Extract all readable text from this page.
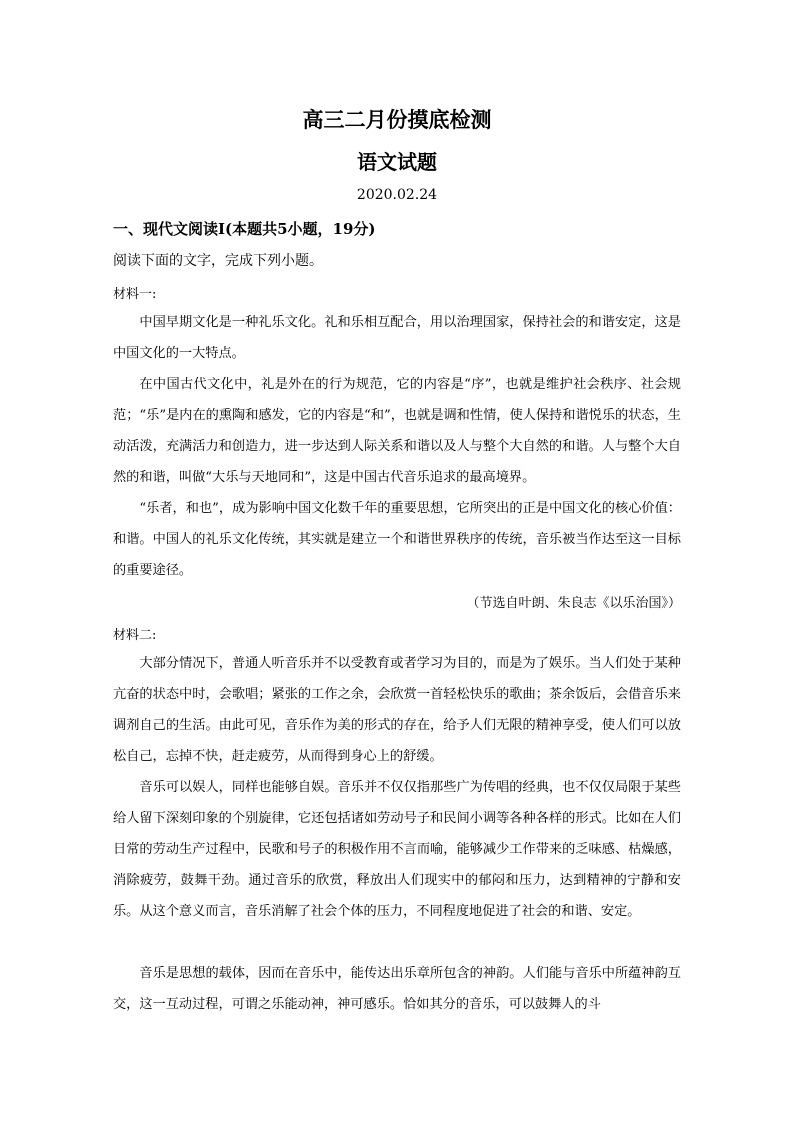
高三二月份摸底检测
语文试题
2020.02.24
一、现代文阅读Ⅰ(本题共5小题，19分)
阅读下面的文字，完成下列小题。
材料一:

中国早期文化是一种礼乐文化。礼和乐相互配合，用以治理国家，保持社会的和谐安定，这是中国文化的一大特点。

在中国古代文化中，礼是外在的行为规范，它的内容是“序”，也就是维护社会秩序、社会规范；“乐”是内在的熏陶和感发，它的内容是“和”，也就是调和性情，使人保持和谐悦乐的状态，生动活泼，充满活力和创造力，进一步达到人际关系和谐以及人与整个大自然的和谐。人与整个大自然的和谐，叫做“大乐与天地同和”，这是中国古代音乐追求的最高境界。

“乐者，和也”，成为影响中国文化数千年的重要思想，它所突出的正是中国文化的核心价值：和谐。中国人的礼乐文化传统，其实就是建立一个和谐世界秩序的传统，音乐被当作达至这一目标的重要途径。

（节选自叶朗、朱良志《以乐治国》）
材料二:

大部分情况下，普通人听音乐并不以受教育或者学习为目的，而是为了娱乐。当人们处于某种亢奋的状态中时，会歌唱；紧张的工作之余，会欣赏一首轻松快乐的歌曲；茶余饭后，会借音乐来调剂自己的生活。由此可见，音乐作为美的形式的存在，给予人们无限的精神享受，使人们可以放松自己，忘掉不快，赶走疲劳，从而得到身心上的舒缓。

音乐可以娱人，同样也能够自娱。音乐并不仅仅指那些广为传唱的经典，也不仅仅局限于某些给人留下深刻印象的个别旋律，它还包括诸如劳动号子和民间小调等各种各样的形式。比如在人们日常的劳动生产过程中，民歌和号子的积极作用不言而喻，能够减少工作带来的乏味感、枯燥感，消除疲劳，鼓舞干劲。通过音乐的欣赏，释放出人们现实中的郁闷和压力，达到精神的宁静和安乐。从这个意义而言，音乐消解了社会个体的压力，不同程度地促进了社会的和谐、安定。

音乐是思想的载体，因而在音乐中，能传达出乐章所包含的神韵。人们能与音乐中所蕴神韵互交，这一互动过程，可谓之乐能动神，神可感乐。恰如其分的音乐，可以鼓舞人的斗
